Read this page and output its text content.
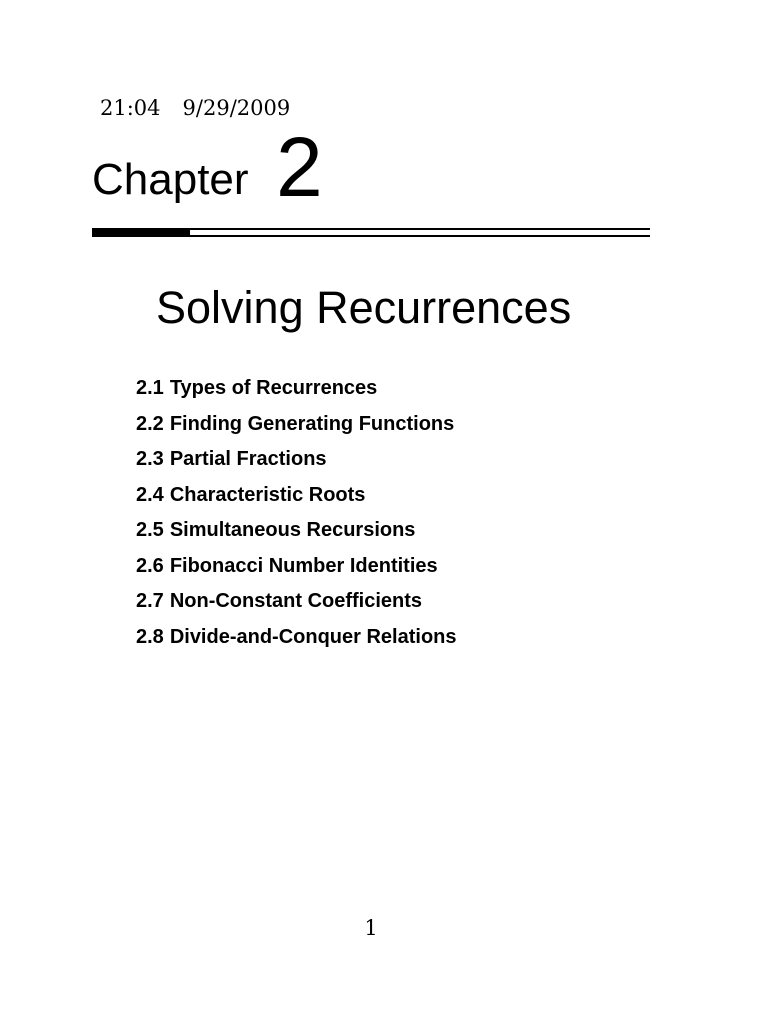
21:04 9/29/2009
Chapter 2
Solving Recurrences
2.1 Types of Recurrences
2.2 Finding Generating Functions
2.3 Partial Fractions
2.4 Characteristic Roots
2.5 Simultaneous Recursions
2.6 Fibonacci Number Identities
2.7 Non-Constant Coefficients
2.8 Divide-and-Conquer Relations
1
